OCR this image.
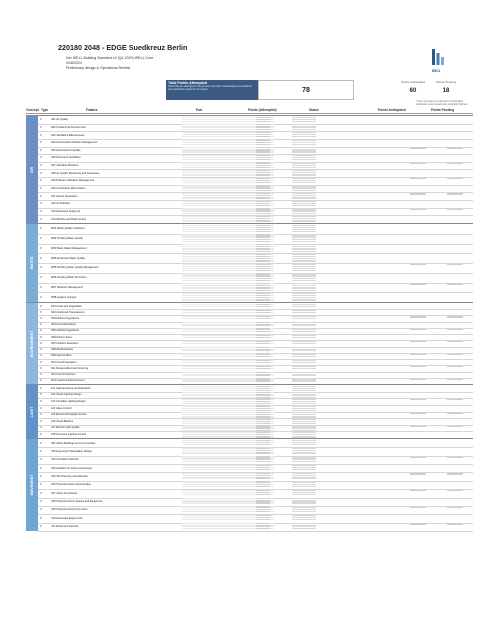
220180 2048 - EDGE Suedkreuz Berlin
Der WELL Building Standard v2 (Q4 2020) WELL Core
3/16/2024
Preliminary design & Operations Review	IBCI
Total Points Attempted
Points that are attempted to be pursued; the total of all attempted preconditions and optimization points for the project	78
Points anticipated
60
Points Pending
18
* Note: the project is striving for an achievable certification level at least Gold, preferably Platinum.
Concept Type	Feature	Part	Points (Attempted)	Status	Points Anticipated	Points Pending
AIR
P	A01 Air Quality
P	A02 Smoke-Free Environment
P	A03 Ventilation Effectiveness
P	A04 Construction Pollution Management
O	A05 Enhanced Air Quality
O	A06 Enhanced Ventilation
O	A07 Operable Windows
O	A08 Air Quality Monitoring and Awareness
O	A09 Pollution Infiltration Management
O	A10 Combustion Minimization
O	A11 Source Separation
O	A12 Air Filtration
O	A13 Enhanced Supply Air
O	A14 Microbe and Mold Control
WATER
P	W01 Water Quality Indicators
P	W02 Drinking Water Quality
P	W03 Basic Water Management
O	W04 Enhanced Water Quality
O	W05 Drinking Water Quality Management
O	W06 Drinking Water Promotion
O	W07 Moisture Management
O	W08 Hygiene Support
NOURISHMENT
P	N01 Fruits and Vegetables
P	N02 Nutritional Transparency
O	N03 Refined Ingredients
O	N04 Food Advertising
O	N05 Artificial Ingredients
O	N06 Portion Sizes
O	N07 Nutrition Education
O	N08 Mindful Eating
O	N09 Special Diets
O	N10 Food Preparation
O	N11 Responsible Food Sourcing
O	N12 Food Production
O	N13 Local Food Environment
LIGHT
P	L01 Light Exposure and Education
P	L02 Visual Lighting Design
O	L03 Circadian Lighting Design
O	L04 Glare Control
O	L05 Enhanced Daylight Access
O	L06 Visual Balance
O	L07 Electric Light Quality
O	L08 Occupant Lighting Control
MOVEMENT
P	V01 Active Buildings and Communities
P	V02 Ergonomic Workstation Design
O	V03 Circulation Network
O	V04 Facilities for Active Commuters
O	V05 Site Planning and Selection
O	V06 Physical Activity Opportunities
O	V07 Active Furnishings
O	V08 Physical Activity Spaces and Equipment
O	V09 Physical Activity Promotion
O	V10 Enhanced Ergonomics
O	V11 Movement Network
